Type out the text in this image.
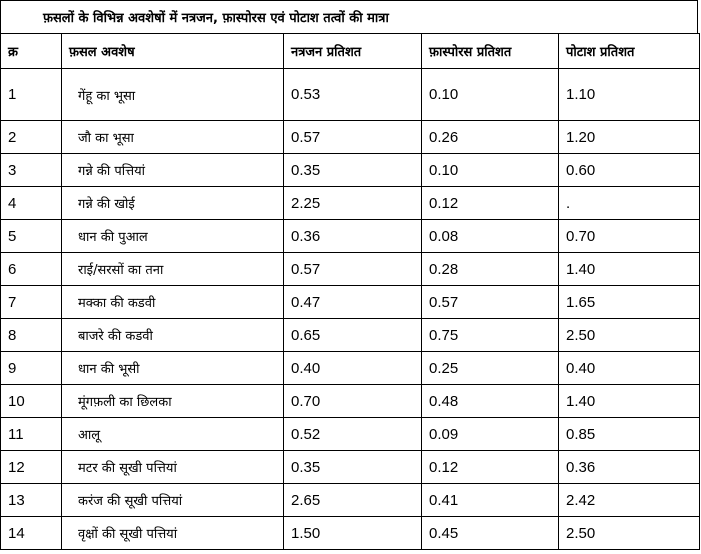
फ़सलों के विभिन्न अवशेषों में नत्रजन, फ़ास्पोरस एवं पोटाश तत्वों की मात्रा
क्र	फ़सल अवशेष	नत्रजन प्रतिशत	फ़ास्पोरस प्रतिशत	पोटाश प्रतिशत
1	गेंहू का भूसा	0.53	0.10	1.10
2	जौ का भूसा	0.57	0.26	1.20
3	गन्ने की पत्तियां	0.35	0.10	0.60
4	गन्ने की खोई	2.25	0.12	.
5	धान की पुआल	0.36	0.08	0.70
6	राई/सरसों का तना	0.57	0.28	1.40
7	मक्का की कडवी	0.47	0.57	1.65
8	बाजरे की कडवी	0.65	0.75	2.50
9	धान की भूसी	0.40	0.25	0.40
10	मूंगफ़ली का छिलका	0.70	0.48	1.40
11	आलू	0.52	0.09	0.85
12	मटर की सूखी पत्तियां	0.35	0.12	0.36
13	करंज की सूखी पत्तियां	2.65	0.41	2.42
14	वृक्षों की सूखी पत्तियां	1.50	0.45	2.50
